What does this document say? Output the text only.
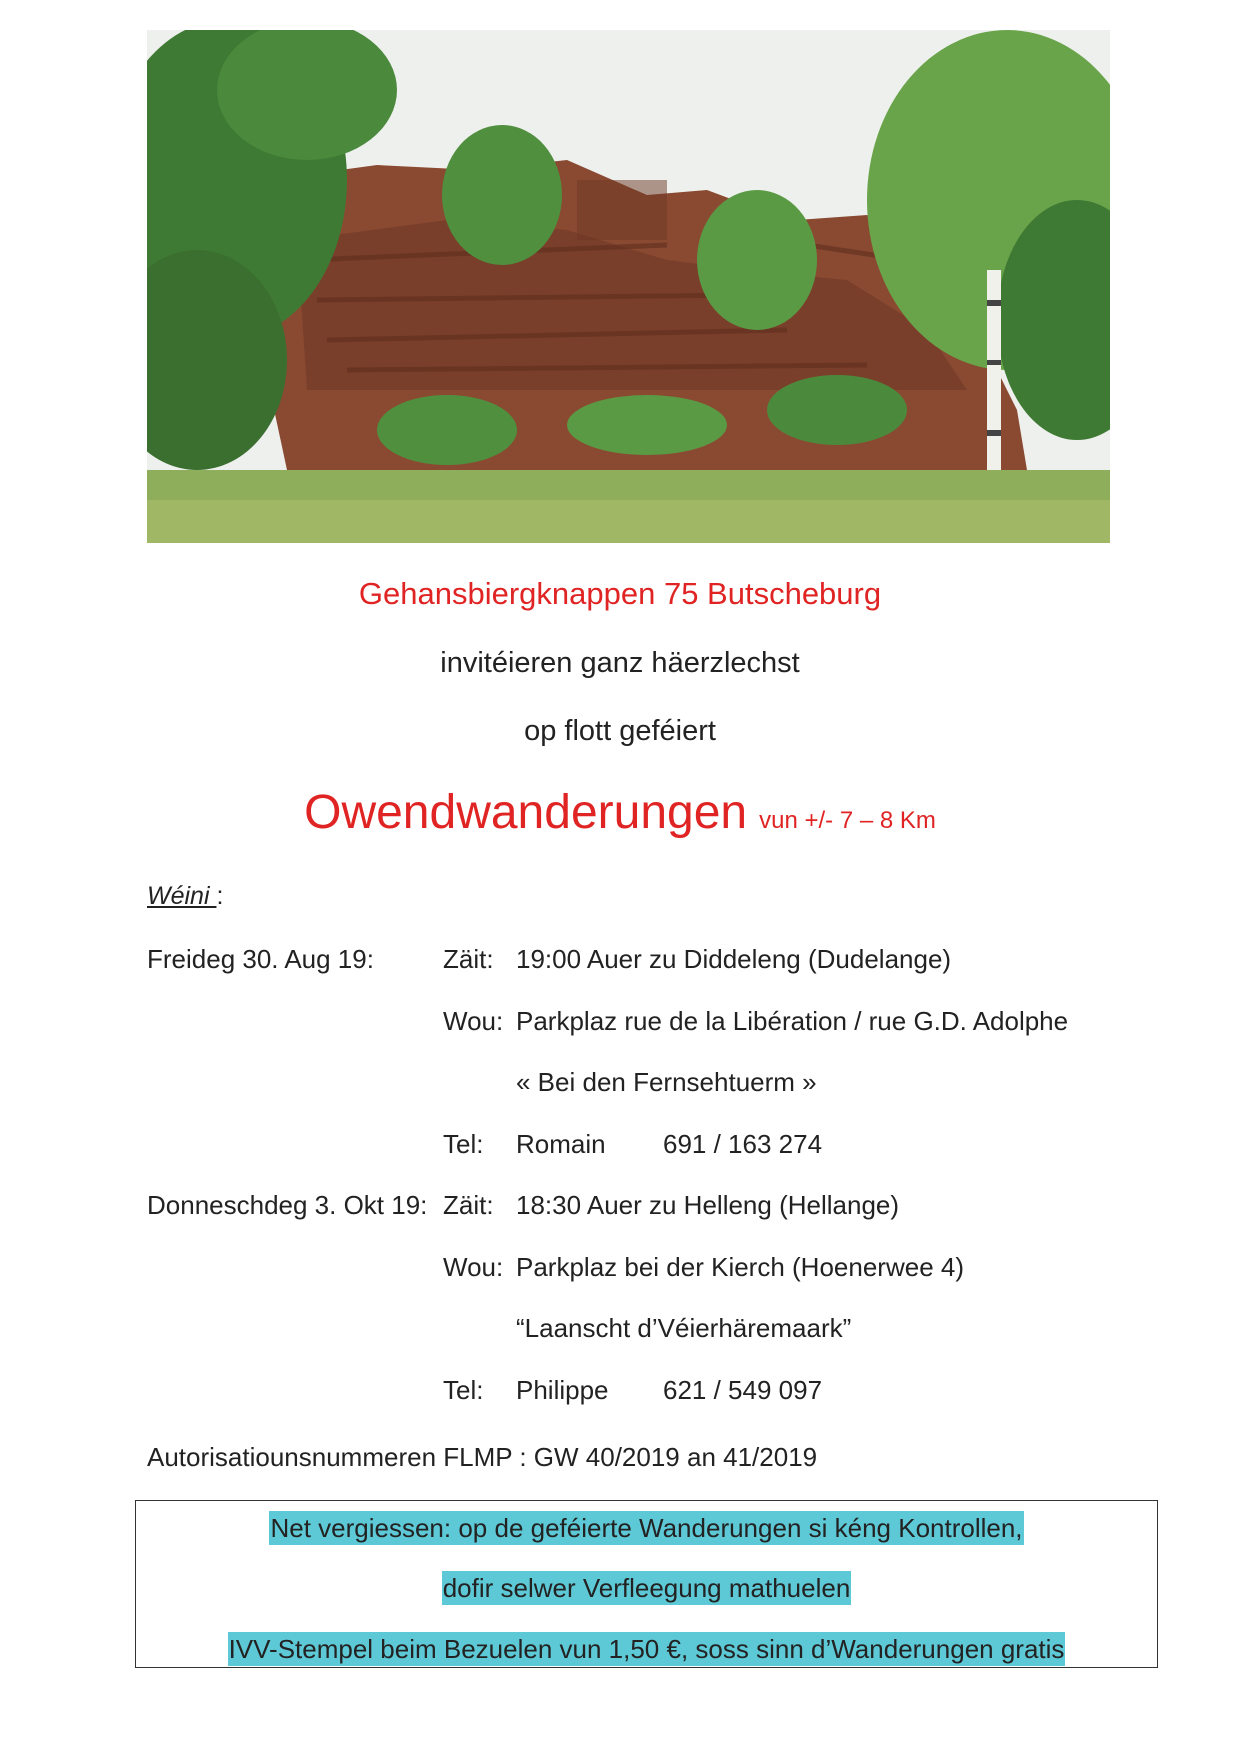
Gehansbiergknappen 75 Butscheburg
invitéieren ganz häerzlechst
op flott geféiert
Owendwanderungen vun +/- 7 – 8 Km
Wéini :
Freideg 30. Aug 19:	Zäit: 19:00 Auer zu Diddeleng (Dudelange)
Wou: Parkplaz rue de la Libération / rue G.D. Adolphe
« Bei den Fernsehtuerm »
Tel: Romain 691 / 163 274
Donneschdeg 3. Okt 19: Zäit: 18:30 Auer zu Helleng (Hellange)
Wou: Parkplaz bei der Kierch (Hoenerwee 4)
“Laanscht d’Véierhäremaark”
Tel: Philippe 621 / 549 097
Autorisatiounsnummeren FLMP : GW 40/2019 an 41/2019
Net vergiessen: op de geféierte Wanderungen si kéng Kontrollen,
dofir selwer Verfleegung mathuelen
IVV-Stempel beim Bezuelen vun 1,50 €, soss sinn d’Wanderungen gratis
